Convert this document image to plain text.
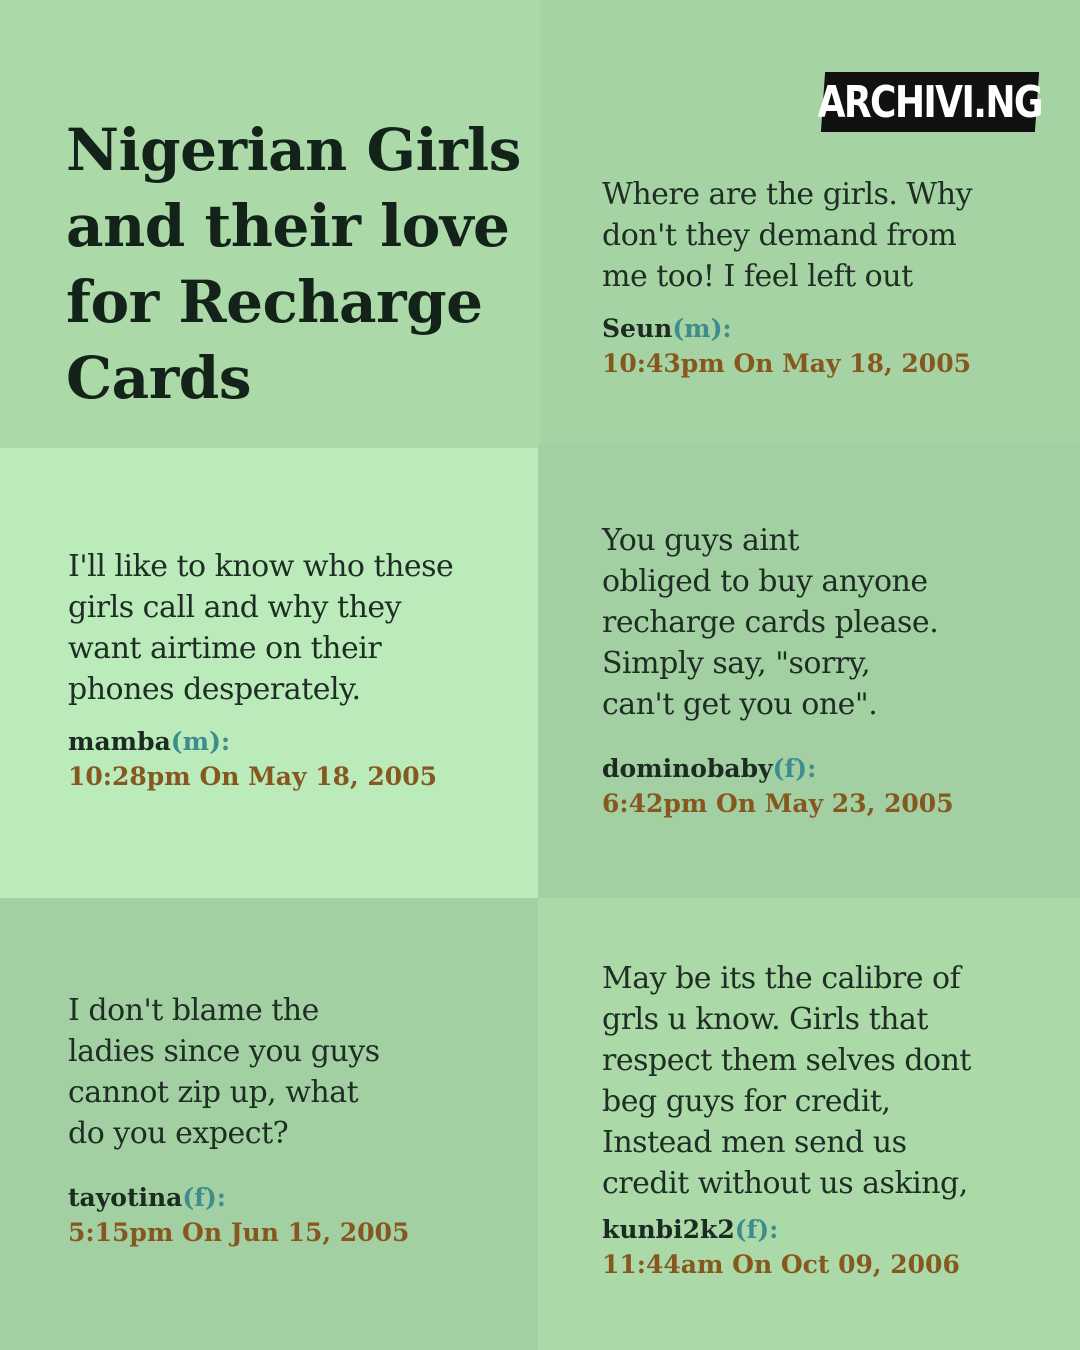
Nigerian Girls and their love for Recharge Cards
ARCHIVI.NG

Where are the girls. Why
don't they demand from
me too! I feel left out

Seun(m):
10:43pm On May 18, 2005

I'll like to know who these
girls call and why they
want airtime on their
phones desperately.

mamba(m):
10:28pm On May 18, 2005

You guys aint
obliged to buy anyone
recharge cards please.
Simply say, "sorry,
can't get you one".

dominobaby(f):
6:42pm On May 23, 2005

I don't blame the
ladies since you guys
cannot zip up, what
do you expect?

tayotina(f):
5:15pm On Jun 15, 2005

May be its the calibre of
grls u know. Girls that
respect them selves dont
beg guys for credit,
Instead men send us
credit without us asking,

kunbi2k2(f):
11:44am On Oct 09, 2006
